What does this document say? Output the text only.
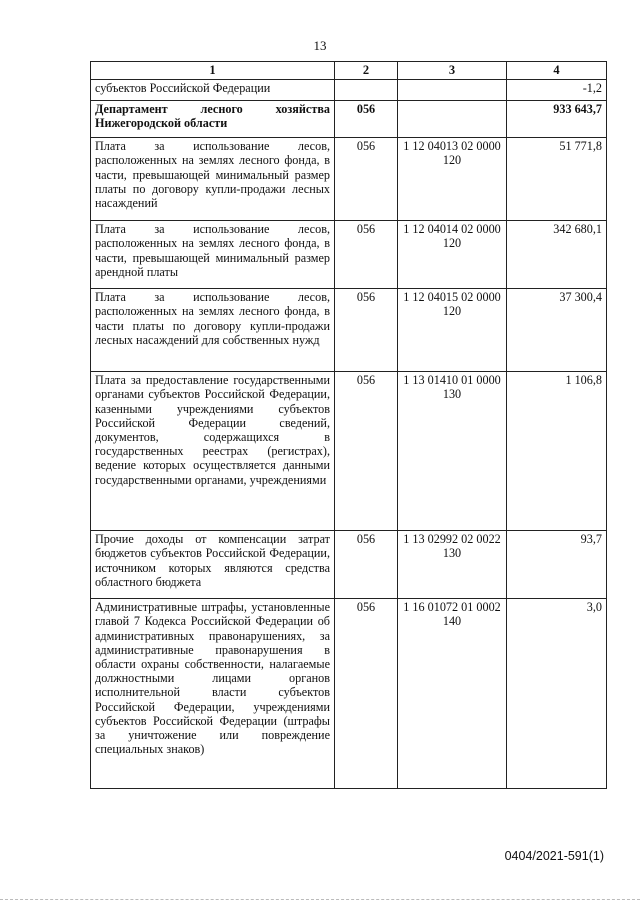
13
1	2	3	4
субъектов Российской Федерации			-1,2
Департамент лесного хозяйства Нижегородской области	056		933 643,7
Плата за использование лесов, расположенных на землях лесного фонда, в части, превышающей минимальный размер платы по договору купли-продажи лесных насаждений	056	1 12 04013 02 0000 120	51 771,8
Плата за использование лесов, расположенных на землях лесного фонда, в части, превышающей минимальный размер арендной платы	056	1 12 04014 02 0000 120	342 680,1
Плата за использование лесов, расположенных на землях лесного фонда, в части платы по договору купли-продажи лесных насаждений для собственных нужд	056	1 12 04015 02 0000 120	37 300,4
Плата за предоставление государственными органами субъектов Российской Федерации, казенными учреждениями субъектов Российской Федерации сведений, документов, содержащихся в государственных реестрах (регистрах), ведение которых осуществляется данными государственными органами, учреждениями	056	1 13 01410 01 0000 130	1 106,8
Прочие доходы от компенсации затрат бюджетов субъектов Российской Федерации, источником которых являются средства областного бюджета	056	1 13 02992 02 0022 130	93,7
Административные штрафы, установленные главой 7 Кодекса Российской Федерации об административных правонарушениях, за административные правонарушения в области охраны собственности, налагаемые должностными лицами органов исполнительной власти субъектов Российской Федерации, учреждениями субъектов Российской Федерации (штрафы за уничтожение или повреждение специальных знаков)	056	1 16 01072 01 0002 140	3,0
0404/2021-591(1)
